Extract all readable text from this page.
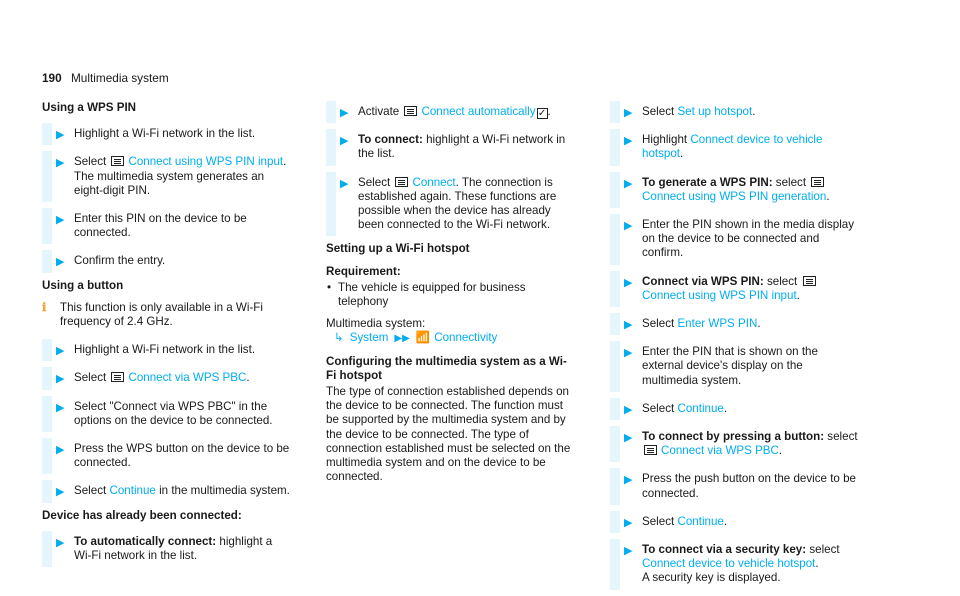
190 Multimedia system
Using a WPS PIN
▶ Highlight a Wi-Fi network in the list.
▶ Select Connect using WPS PIN input. The multimedia system generates an eight-digit PIN.
▶ Enter this PIN on the device to be connected.
▶ Confirm the entry.
Using a button
ℹ This function is only available in a Wi-Fi frequency of 2.4 GHz.
▶ Highlight a Wi-Fi network in the list.
▶ Select Connect via WPS PBC.
▶ Select "Connect via WPS PBC" in the options on the device to be connected.
▶ Press the WPS button on the device to be connected.
▶ Select Continue in the multimedia system.
Device has already been connected:
▶ To automatically connect: highlight a Wi-Fi network in the list.
▶ Activate Connect automatically ✓.
▶ To connect: highlight a Wi-Fi network in the list.
▶ Select Connect. The connection is established again. These functions are possible when the device has already been connected to the Wi-Fi network.
Setting up a Wi-Fi hotspot
Requirement:
• The vehicle is equipped for business telephony
Multimedia system:
↳ System ▶▶ 📶 Connectivity
Configuring the multimedia system as a Wi-Fi hotspot
The type of connection established depends on the device to be connected. The function must be supported by the multimedia system and by the device to be connected. The type of connection established must be selected on the multimedia system and on the device to be connected.
▶ Select Set up hotspot.
▶ Highlight Connect device to vehicle hotspot.
▶ To generate a WPS PIN: select Connect using WPS PIN generation.
▶ Enter the PIN shown in the media display on the device to be connected and confirm.
▶ Connect via WPS PIN: select Connect using WPS PIN input.
▶ Select Enter WPS PIN.
▶ Enter the PIN that is shown on the external device's display on the multimedia system.
▶ Select Continue.
▶ To connect by pressing a button: select
Connect via WPS PBC.
▶ Press the push button on the device to be connected.
▶ Select Continue.
▶ To connect via a security key: select Connect device to vehicle hotspot.
A security key is displayed.
